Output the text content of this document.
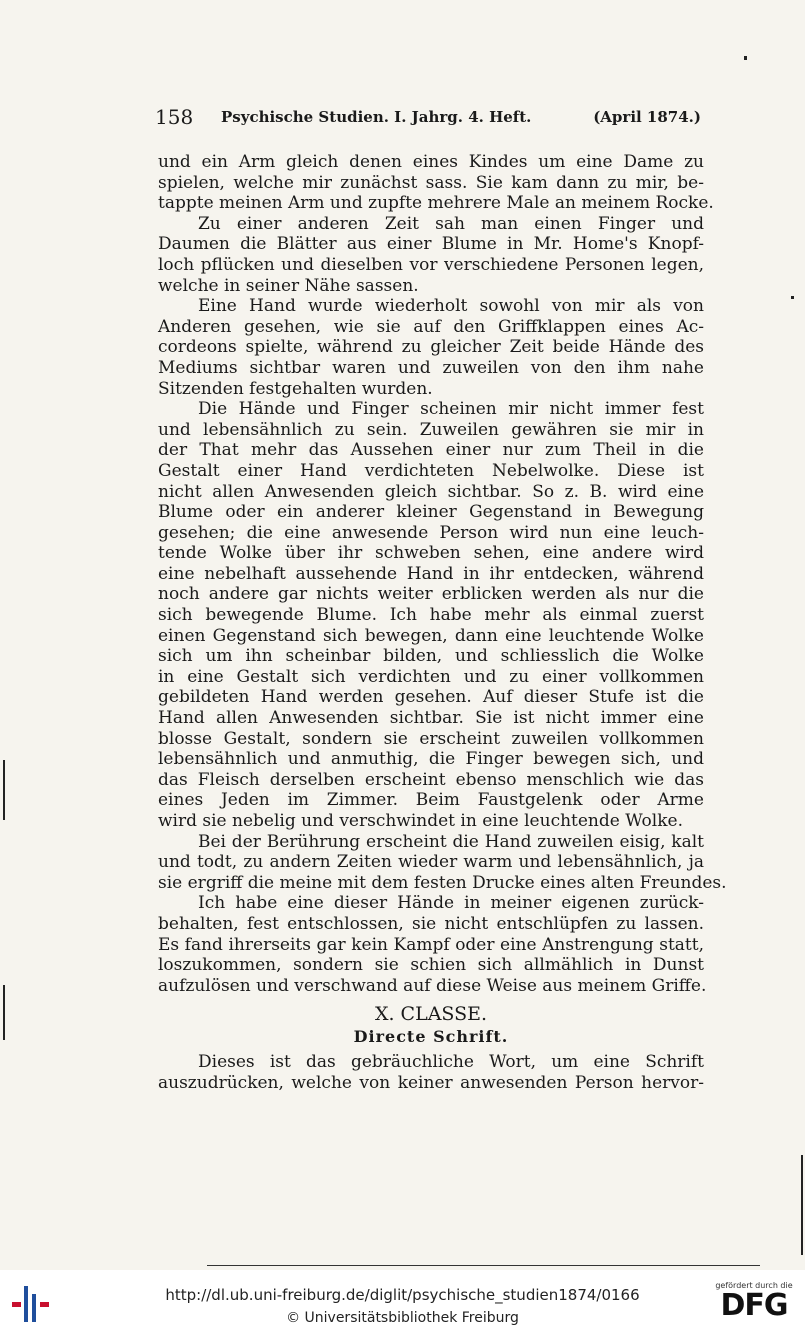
158 Psychische Studien. I. Jahrg. 4. Heft.	(April 1874.)
und ein Arm gleich denen eines Kindes um eine Dame zu
spielen, welche mir zunächst sass. Sie kam dann zu mir, be-
tappte meinen Arm und zupfte mehrere Male an meinem Rocke.
Zu einer anderen Zeit sah man einen Finger und
Daumen die Blätter aus einer Blume in Mr. Home's Knopf-
loch pflücken und dieselben vor verschiedene Personen legen,
welche in seiner Nähe sassen.
Eine Hand wurde wiederholt sowohl von mir als von
Anderen gesehen, wie sie auf den Griffklappen eines Ac-
cordeons spielte, während zu gleicher Zeit beide Hände des
Mediums sichtbar waren und zuweilen von den ihm nahe
Sitzenden festgehalten wurden.
Die Hände und Finger scheinen mir nicht immer fest
und lebensähnlich zu sein. Zuweilen gewähren sie mir in
der That mehr das Aussehen einer nur zum Theil in die
Gestalt einer Hand verdichteten Nebelwolke. Diese ist
nicht allen Anwesenden gleich sichtbar. So z. B. wird eine
Blume oder ein anderer kleiner Gegenstand in Bewegung
gesehen; die eine anwesende Person wird nun eine leuch-
tende Wolke über ihr schweben sehen, eine andere wird
eine nebelhaft aussehende Hand in ihr entdecken, während
noch andere gar nichts weiter erblicken werden als nur die
sich bewegende Blume. Ich habe mehr als einmal zuerst
einen Gegenstand sich bewegen, dann eine leuchtende Wolke
sich um ihn scheinbar bilden, und schliesslich die Wolke
in eine Gestalt sich verdichten und zu einer vollkommen
gebildeten Hand werden gesehen. Auf dieser Stufe ist die
Hand allen Anwesenden sichtbar. Sie ist nicht immer eine
blosse Gestalt, sondern sie erscheint zuweilen vollkommen
lebensähnlich und anmuthig, die Finger bewegen sich, und
das Fleisch derselben erscheint ebenso menschlich wie das
eines Jeden im Zimmer. Beim Faustgelenk oder Arme
wird sie nebelig und verschwindet in eine leuchtende Wolke.
Bei der Berührung erscheint die Hand zuweilen eisig, kalt
und todt, zu andern Zeiten wieder warm und lebensähnlich, ja
sie ergriff die meine mit dem festen Drucke eines alten Freundes.
Ich habe eine dieser Hände in meiner eigenen zurück-
behalten, fest entschlossen, sie nicht entschlüpfen zu lassen.
Es fand ihrerseits gar kein Kampf oder eine Anstrengung statt,
loszukommen, sondern sie schien sich allmählich in Dunst
aufzulösen und verschwand auf diese Weise aus meinem Griffe.
X. CLASSE.
Directe Schrift.
Dieses ist das gebräuchliche Wort, um eine Schrift
auszudrücken, welche von keiner anwesenden Person hervor-
http://dl.ub.uni-freiburg.de/diglit/psychische_studien1874/0166
© Universitätsbibliothek Freiburg
gefördert durch die
DFG
